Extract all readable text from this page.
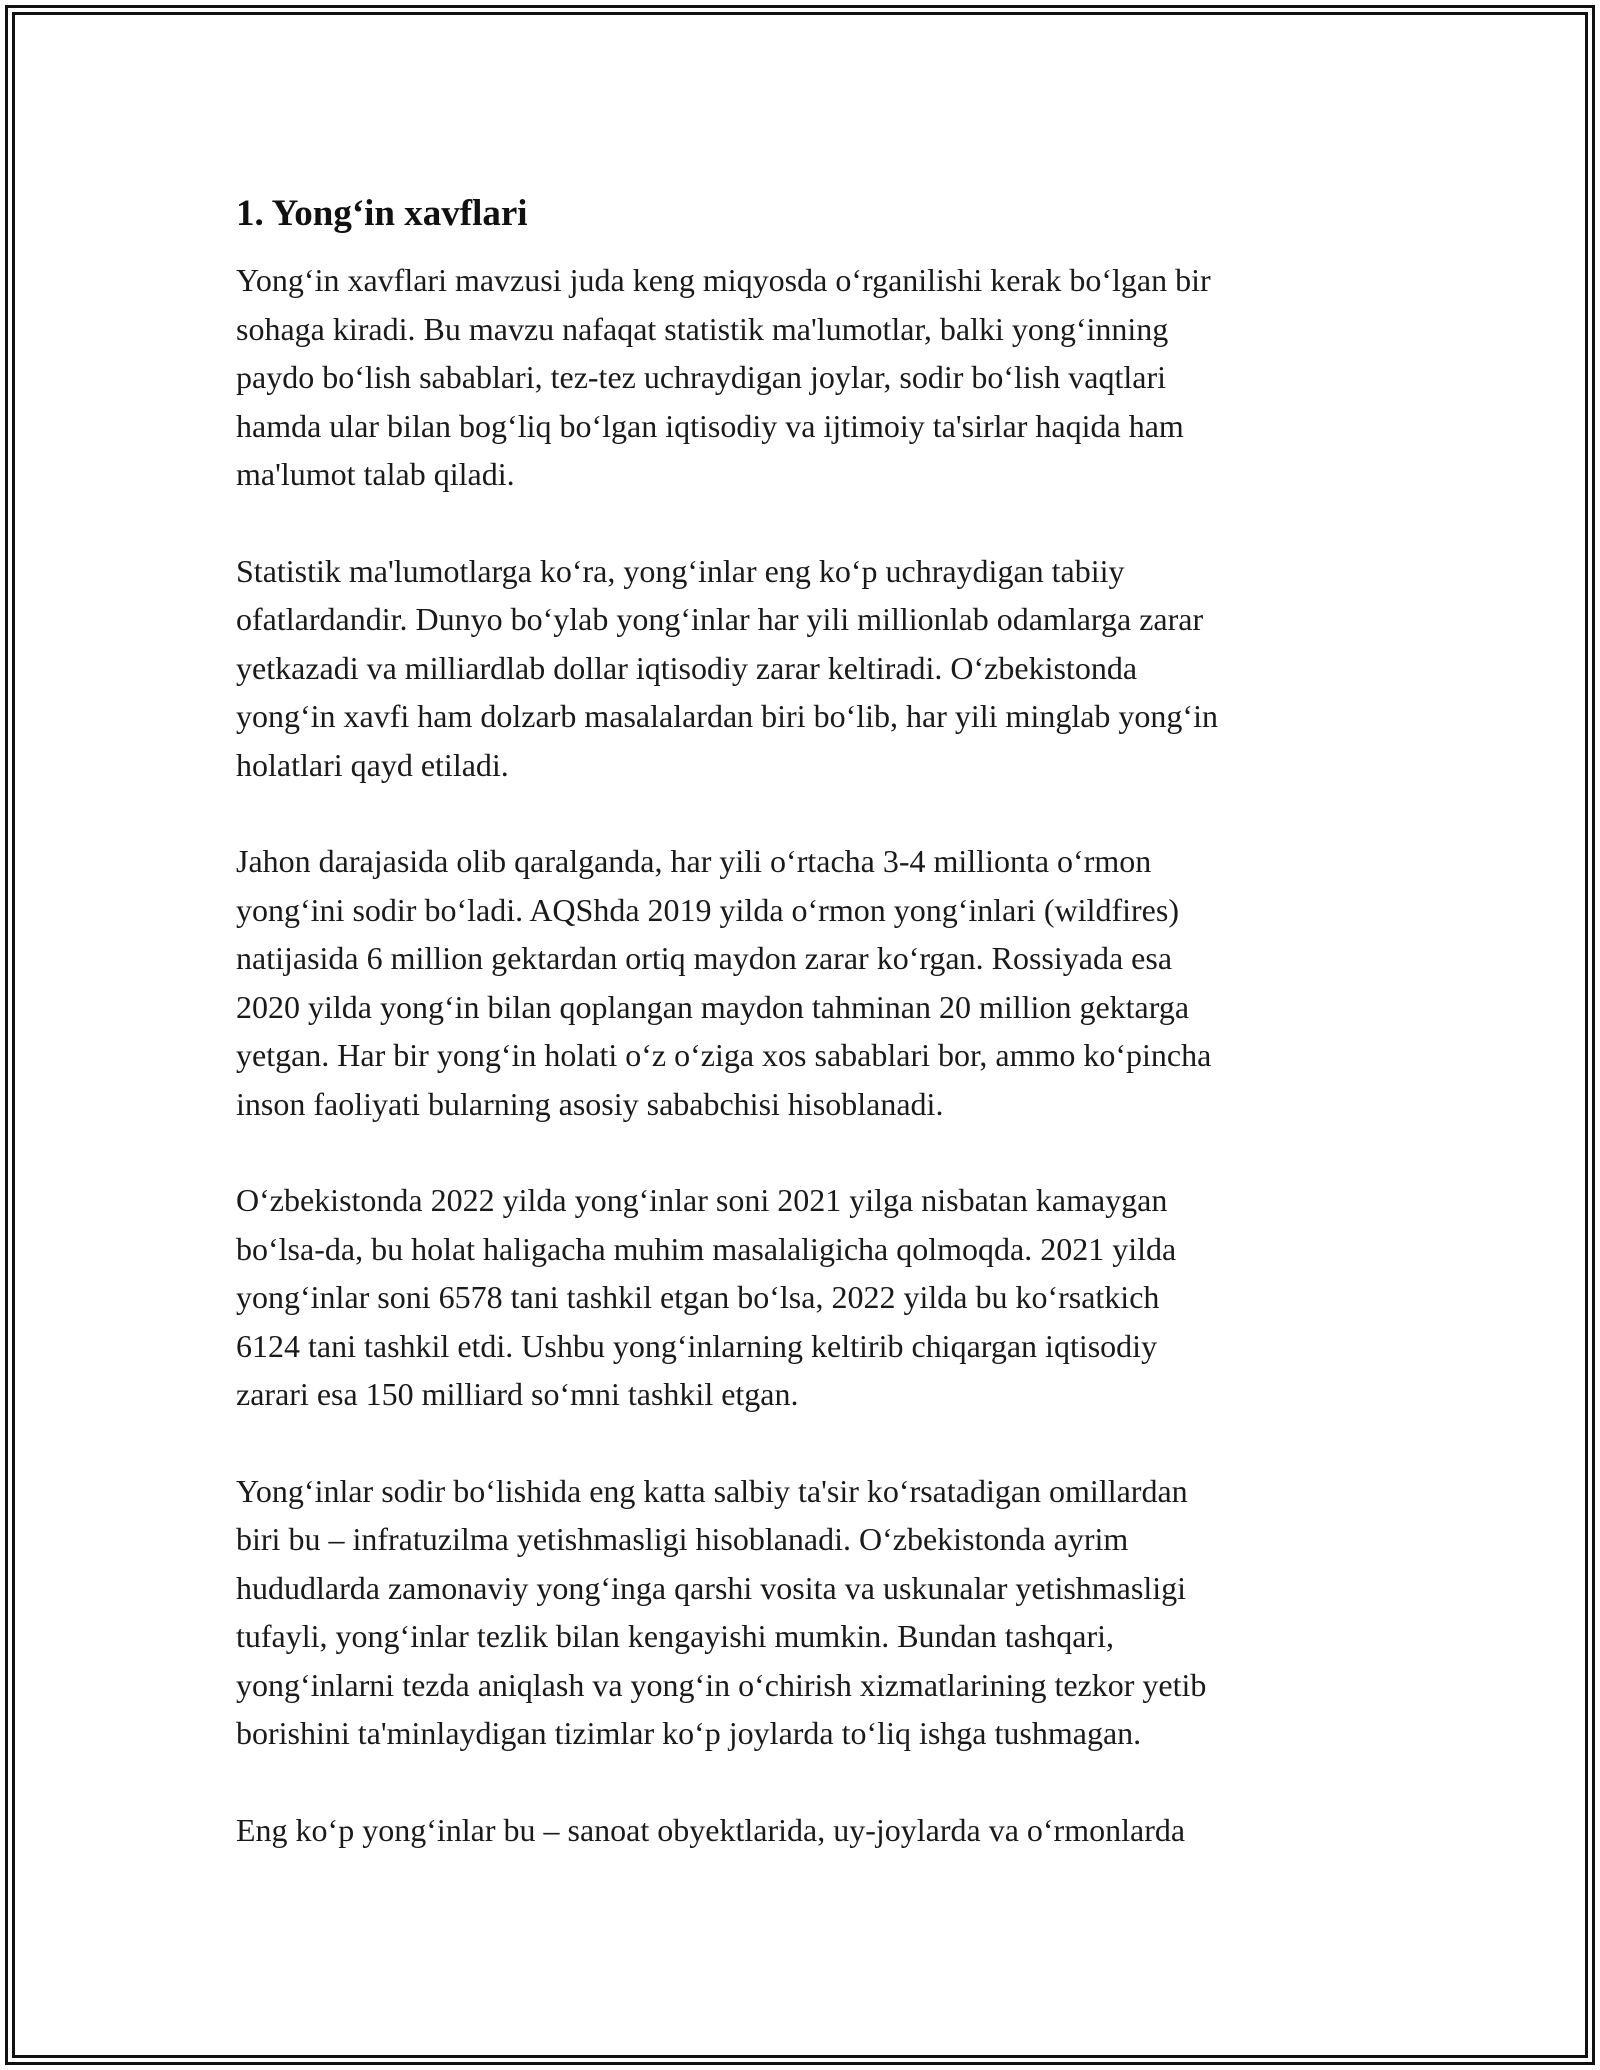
1. Yong‘in xavflari

Yong‘in xavflari mavzusi juda keng miqyosda o‘rganilishi kerak bo‘lgan bir
sohaga kiradi. Bu mavzu nafaqat statistik ma'lumotlar, balki yong‘inning
paydo bo‘lish sabablari, tez-tez uchraydigan joylar, sodir bo‘lish vaqtlari
hamda ular bilan bog‘liq bo‘lgan iqtisodiy va ijtimoiy ta'sirlar haqida ham
ma'lumot talab qiladi.

Statistik ma'lumotlarga ko‘ra, yong‘inlar eng ko‘p uchraydigan tabiiy
ofatlardandir. Dunyo bo‘ylab yong‘inlar har yili millionlab odamlarga zarar
yetkazadi va milliardlab dollar iqtisodiy zarar keltiradi. O‘zbekistonda
yong‘in xavfi ham dolzarb masalalardan biri bo‘lib, har yili minglab yong‘in
holatlari qayd etiladi.

Jahon darajasida olib qaralganda, har yili o‘rtacha 3-4 millionta o‘rmon
yong‘ini sodir bo‘ladi. AQShda 2019 yilda o‘rmon yong‘inlari (wildfires)
natijasida 6 million gektardan ortiq maydon zarar ko‘rgan. Rossiyada esa
2020 yilda yong‘in bilan qoplangan maydon tahminan 20 million gektarga
yetgan. Har bir yong‘in holati o‘z o‘ziga xos sabablari bor, ammo ko‘pincha
inson faoliyati bularning asosiy sababchisi hisoblanadi.

O‘zbekistonda 2022 yilda yong‘inlar soni 2021 yilga nisbatan kamaygan
bo‘lsa-da, bu holat haligacha muhim masalaligicha qolmoqda. 2021 yilda
yong‘inlar soni 6578 tani tashkil etgan bo‘lsa, 2022 yilda bu ko‘rsatkich
6124 tani tashkil etdi. Ushbu yong‘inlarning keltirib chiqargan iqtisodiy
zarari esa 150 milliard so‘mni tashkil etgan.

Yong‘inlar sodir bo‘lishida eng katta salbiy ta'sir ko‘rsatadigan omillardan
biri bu – infratuzilma yetishmasligi hisoblanadi. O‘zbekistonda ayrim
hududlarda zamonaviy yong‘inga qarshi vosita va uskunalar yetishmasligi
tufayli, yong‘inlar tezlik bilan kengayishi mumkin. Bundan tashqari,
yong‘inlarni tezda aniqlash va yong‘in o‘chirish xizmatlarining tezkor yetib
borishini ta'minlaydigan tizimlar ko‘p joylarda to‘liq ishga tushmagan.

Eng ko‘p yong‘inlar bu – sanoat obyektlarida, uy-joylarda va o‘rmonlarda
